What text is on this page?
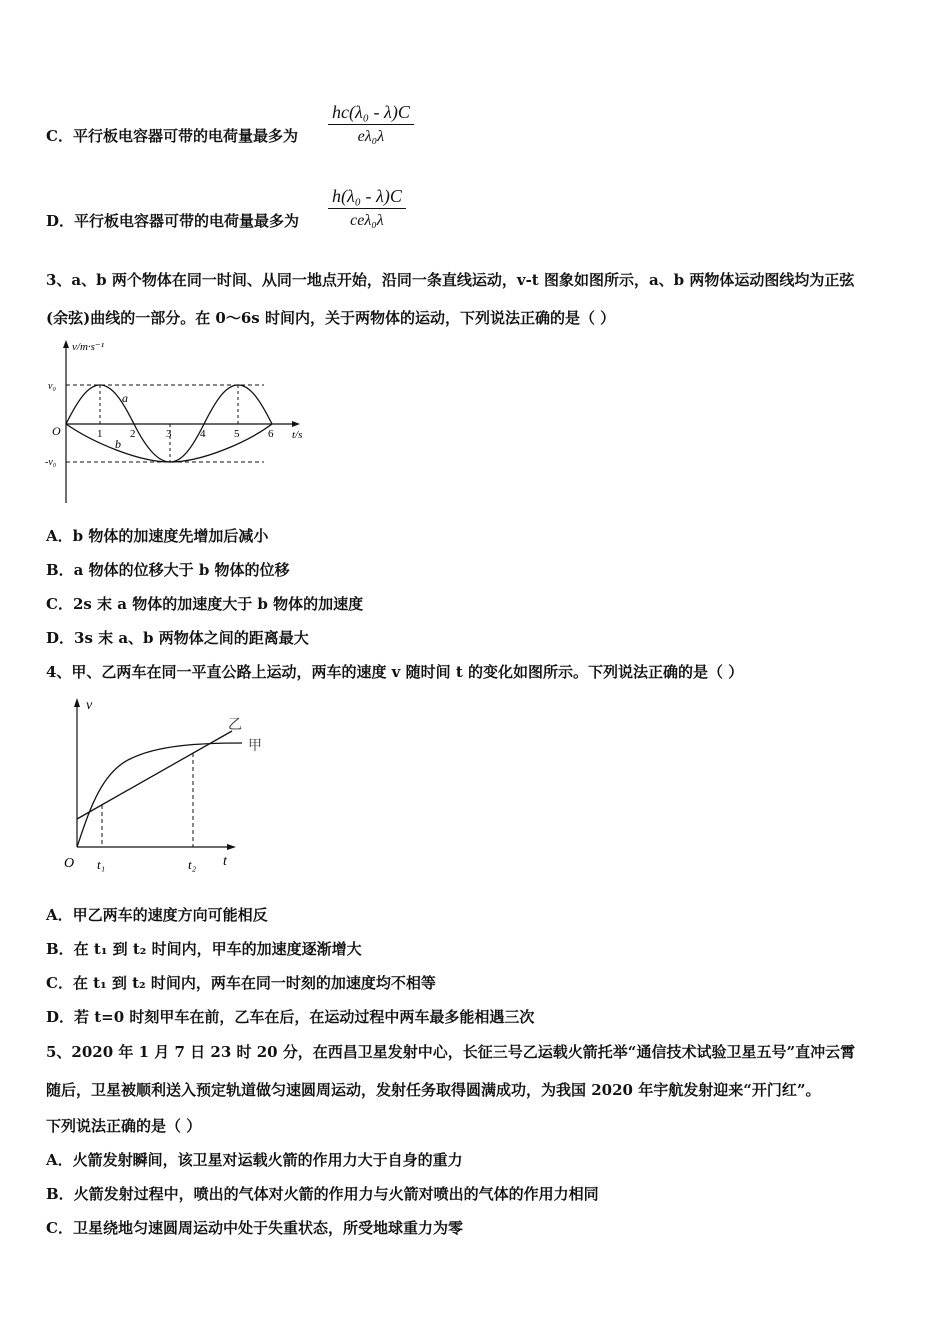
C．平行板电容器可带的电荷量最多为 $\frac{\text{hc(λ₀ - λ)C}}{\text{eλ₀λ}}$
D．平行板电容器可带的电荷量最多为
h(λ₀ - λ)C
ceλ₀λ
3、a、b 两个物体在同一时间、从同一地点开始，沿同一条直线运动，v-t 图象如图所示，a、b 两物体运动图线均为正弦
(余弦)曲线的一部分。在 0～6s 时间内，关于两物体的运动，下列说法正确的是（ ）
v/m·s⁻¹
t/s
O
v₀
-v₀
a
b
1	2	3	4	5	6
A．b 物体的加速度先增加后减小
B．a 物体的位移大于 b 物体的位移
C．2s 末 a 物体的加速度大于 b 物体的加速度
D．3s 末 a、b 两物体之间的距离最大
4、甲、乙两车在同一平直公路上运动，两车的速度 v 随时间 t 的变化如图所示。下列说法正确的是（ ）
v
t
O
乙
甲
t₁	t₂
A．甲乙两车的速度方向可能相反
B．在 t₁ 到 t₂ 时间内，甲车的加速度逐渐增大
C．在 t₁ 到 t₂ 时间内，两车在同一时刻的加速度均不相等
D．若 t=0 时刻甲车在前，乙车在后，在运动过程中两车最多能相遇三次
5、2020 年 1 月 7 日 23 时 20 分，在西昌卫星发射中心，长征三号乙运载火箭托举“通信技术试验卫星五号”直冲云霄
随后，卫星被顺利送入预定轨道做匀速圆周运动，发射任务取得圆满成功，为我国 2020 年宇航发射迎来“开门红”。
下列说法正确的是（ ）
A．火箭发射瞬间，该卫星对运载火箭的作用力大于自身的重力
B．火箭发射过程中，喷出的气体对火箭的作用力与火箭对喷出的气体的作用力相同
C．卫星绕地匀速圆周运动中处于失重状态，所受地球重力为零
